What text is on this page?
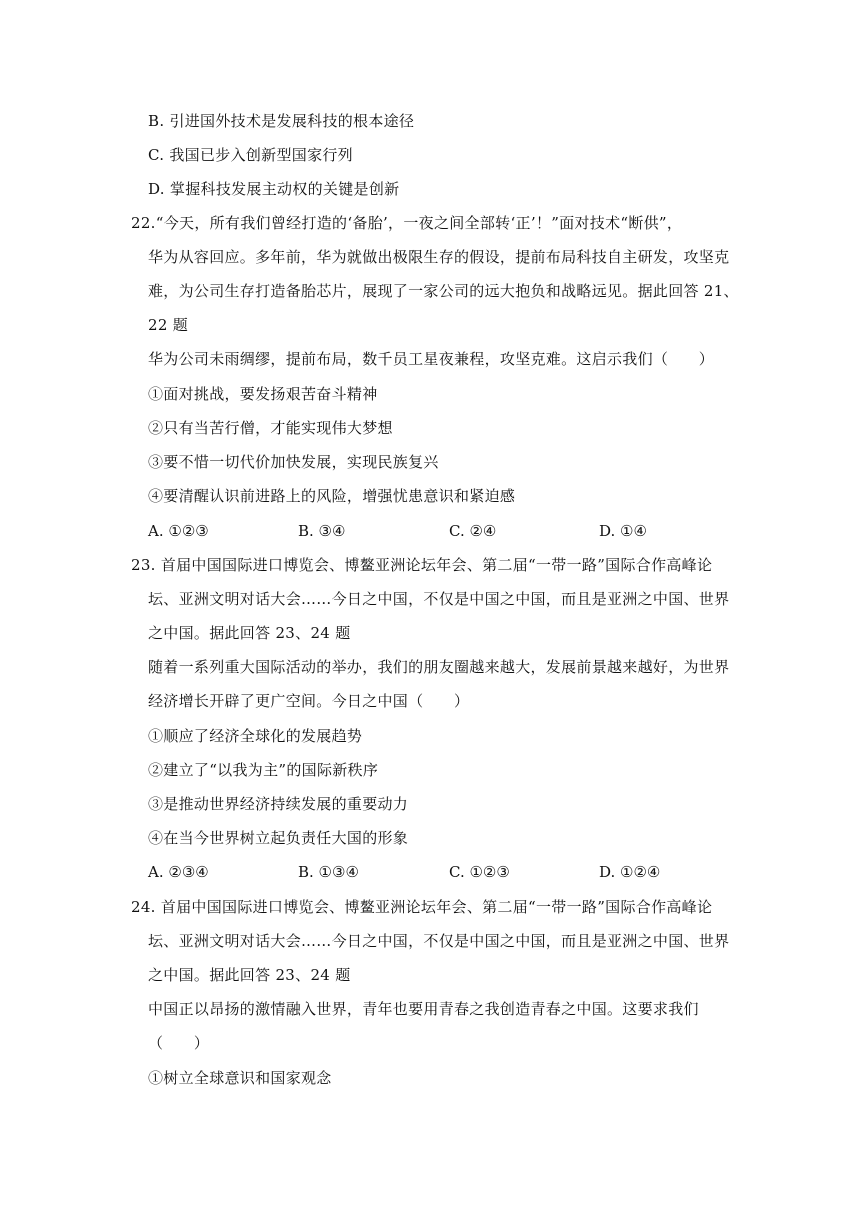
B. 引进国外技术是发展科技的根本途径
C. 我国已步入创新型国家行列
D. 掌握科技发展主动权的关键是创新
22.“今天，所有我们曾经打造的‘备胎’，一夜之间全部转‘正’！”面对技术“断供”，
华为从容回应。多年前，华为就做出极限生存的假设，提前布局科技自主研发，攻坚克
难，为公司生存打造备胎芯片，展现了一家公司的远大抱负和战略远见。据此回答 21、
22 题
华为公司未雨绸缪，提前布局，数千员工星夜兼程，攻坚克难。这启示我们（　　）
①面对挑战，要发扬艰苦奋斗精神
②只有当苦行僧，才能实现伟大梦想
③要不惜一切代价加快发展，实现民族复兴
④要清醒认识前进路上的风险，增强忧患意识和紧迫感
A. ①②③	B. ③④	C. ②④	D. ①④
23. 首届中国国际进口博览会、博鳌亚洲论坛年会、第二届“一带一路”国际合作高峰论
坛、亚洲文明对话大会……今日之中国，不仅是中国之中国，而且是亚洲之中国、世界
之中国。据此回答 23、24 题
随着一系列重大国际活动的举办，我们的朋友圈越来越大，发展前景越来越好，为世界
经济增长开辟了更广空间。今日之中国（　　）
①顺应了经济全球化的发展趋势
②建立了“以我为主”的国际新秩序
③是推动世界经济持续发展的重要动力
④在当今世界树立起负责任大国的形象
A. ②③④	B. ①③④	C. ①②③	D. ①②④
24. 首届中国国际进口博览会、博鳌亚洲论坛年会、第二届“一带一路”国际合作高峰论
坛、亚洲文明对话大会……今日之中国，不仅是中国之中国，而且是亚洲之中国、世界
之中国。据此回答 23、24 题
中国正以昂扬的激情融入世界，青年也要用青春之我创造青春之中国。这要求我们
（　　）
①树立全球意识和国家观念
